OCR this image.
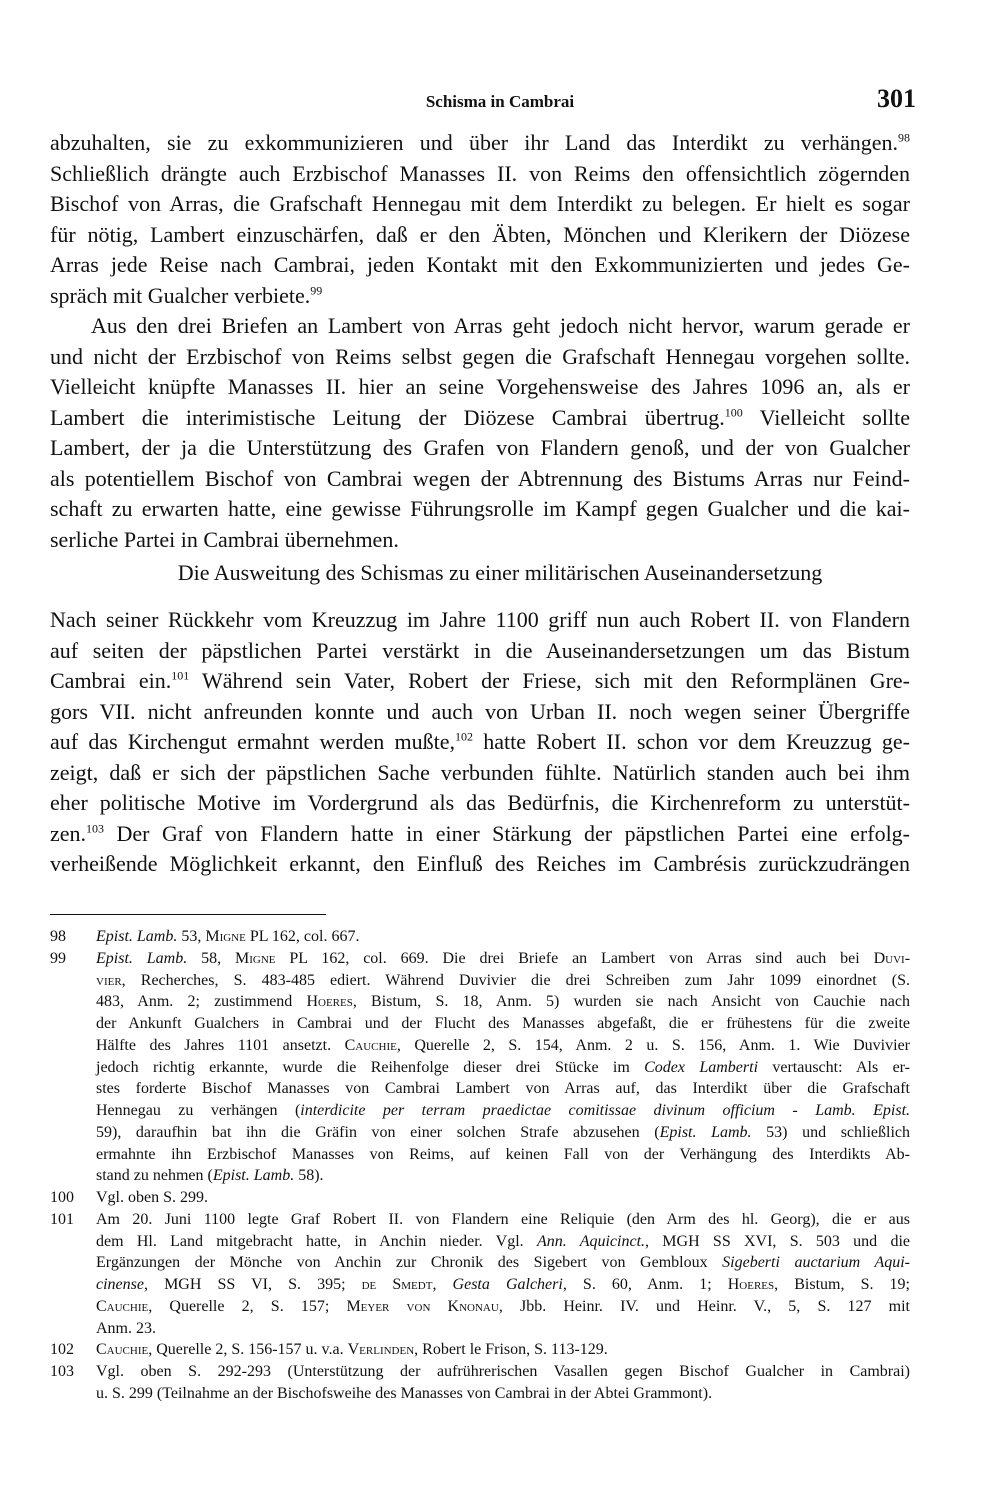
Schisma in Cambrai	301
abzuhalten, sie zu exkommunizieren und über ihr Land das Interdikt zu verhängen.$^{98}$
Schließlich drängte auch Erzbischof Manasses II. von Reims den offensichtlich zögernden
Bischof von Arras, die Grafschaft Hennegau mit dem Interdikt zu belegen. Er hielt es sogar
für nötig, Lambert einzuschärfen, daß er den Äbten, Mönchen und Klerikern der Diözese
Arras jede Reise nach Cambrai, jeden Kontakt mit den Exkommunizierten und jedes Ge-
spräch mit Gualcher verbiete.$^{99}$
Aus den drei Briefen an Lambert von Arras geht jedoch nicht hervor, warum gerade er
und nicht der Erzbischof von Reims selbst gegen die Grafschaft Hennegau vorgehen sollte.
Vielleicht knüpfte Manasses II. hier an seine Vorgehensweise des Jahres 1096 an, als er
Lambert die interimistische Leitung der Diözese Cambrai übertrug.$^{100}$ Vielleicht sollte
Lambert, der ja die Unterstützung des Grafen von Flandern genoß, und der von Gualcher
als potentiellem Bischof von Cambrai wegen der Abtrennung des Bistums Arras nur Feind-
schaft zu erwarten hatte, eine gewisse Führungsrolle im Kampf gegen Gualcher und die kai-
serliche Partei in Cambrai übernehmen.
Die Ausweitung des Schismas zu einer militärischen Auseinandersetzung
Nach seiner Rückkehr vom Kreuzzug im Jahre 1100 griff nun auch Robert II. von Flandern
auf seiten der päpstlichen Partei verstärkt in die Auseinandersetzungen um das Bistum
Cambrai ein.$^{101}$ Während sein Vater, Robert der Friese, sich mit den Reformplänen Gre-
gors VII. nicht anfreunden konnte und auch von Urban II. noch wegen seiner Übergriffe
auf das Kirchengut ermahnt werden mußte,$^{102}$ hatte Robert II. schon vor dem Kreuzzug ge-
zeigt, daß er sich der päpstlichen Sache verbunden fühlte. Natürlich standen auch bei ihm
eher politische Motive im Vordergrund als das Bedürfnis, die Kirchenreform zu unterstüt-
zen.$^{103}$ Der Graf von Flandern hatte in einer Stärkung der päpstlichen Partei eine erfolg-
verheißende Möglichkeit erkannt, den Einfluß des Reiches im Cambrésis zurückzudrängen
98 Epist. Lamb. 53, Migne PL 162, col. 667.
99 Epist. Lamb. 58, Migne PL 162, col. 669. Die drei Briefe an Lambert von Arras sind auch bei Duvi-
vier, Recherches, S. 483-485 ediert. Während Duvivier die drei Schreiben zum Jahr 1099 einordnet (S.
483, Anm. 2; zustimmend Hoeres, Bistum, S. 18, Anm. 5) wurden sie nach Ansicht von Cauchie nach
der Ankunft Gualchers in Cambrai und der Flucht des Manasses abgefaßt, die er frühestens für die zweite
Hälfte des Jahres 1101 ansetzt. Cauchie, Querelle 2, S. 154, Anm. 2 u. S. 156, Anm. 1. Wie Duvivier
jedoch richtig erkannte, wurde die Reihenfolge dieser drei Stücke im Codex Lamberti vertauscht: Als er-
stes forderte Bischof Manasses von Cambrai Lambert von Arras auf, das Interdikt über die Grafschaft
Hennegau zu verhängen (interdicite per terram praedictae comitissae divinum officium - Lamb. Epist.
59), daraufhin bat ihn die Gräfin von einer solchen Strafe abzusehen (Epist. Lamb. 53) und schließlich
ermahnte ihn Erzbischof Manasses von Reims, auf keinen Fall von der Verhängung des Interdikts Ab-
stand zu nehmen (Epist. Lamb. 58).
100 Vgl. oben S. 299.
101 Am 20. Juni 1100 legte Graf Robert II. von Flandern eine Reliquie (den Arm des hl. Georg), die er aus
dem Hl. Land mitgebracht hatte, in Anchin nieder. Vgl. Ann. Aquicinct., MGH SS XVI, S. 503 und die
Ergänzungen der Mönche von Anchin zur Chronik des Sigebert von Gembloux Sigeberti auctarium Aqui-
cinense, MGH SS VI, S. 395; de Smedt, Gesta Galcheri, S. 60, Anm. 1; Hoeres, Bistum, S. 19;
Cauchie, Querelle 2, S. 157; Meyer von Knonau, Jbb. Heinr. IV. und Heinr. V., 5, S. 127 mit
Anm. 23.
102 Cauchie, Querelle 2, S. 156-157 u. v.a. Verlinden, Robert le Frison, S. 113-129.
103 Vgl. oben S. 292-293 (Unterstützung der aufrührerischen Vasallen gegen Bischof Gualcher in Cambrai)
u. S. 299 (Teilnahme an der Bischofsweihe des Manasses von Cambrai in der Abtei Grammont).
